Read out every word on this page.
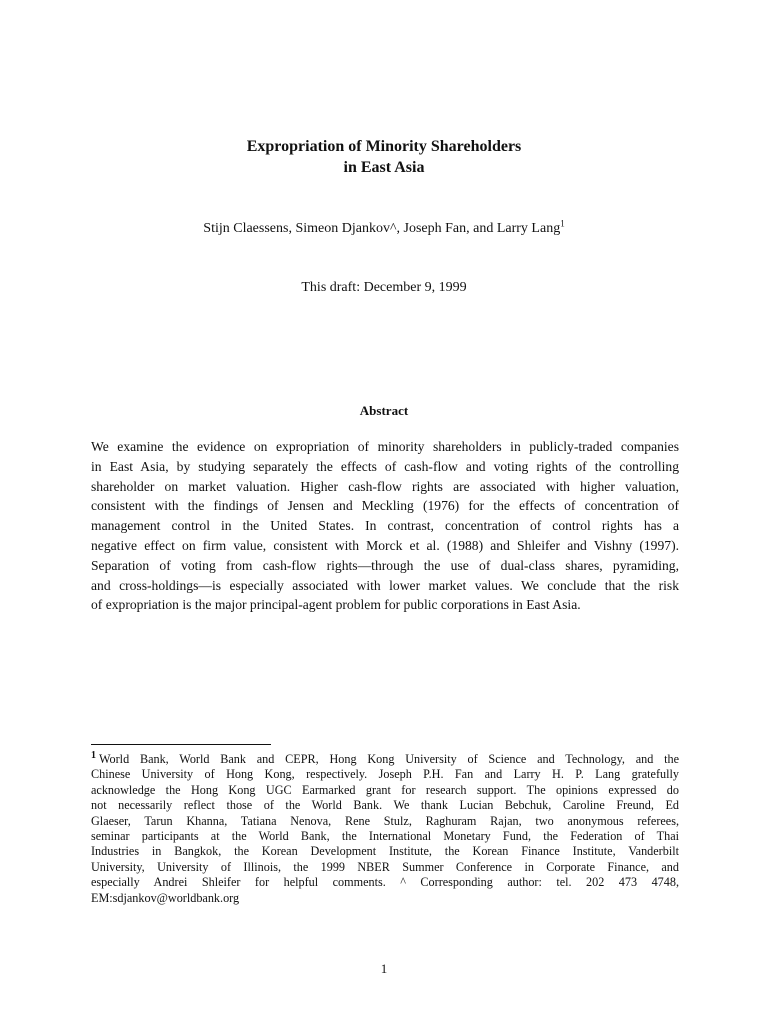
Expropriation of Minority Shareholders
in East Asia
Stijn Claessens, Simeon Djankov^, Joseph Fan, and Larry Lang$^1$
This draft: December 9, 1999
Abstract
We examine the evidence on expropriation of minority shareholders in publicly-traded companies
in East Asia, by studying separately the effects of cash-flow and voting rights of the controlling
shareholder on market valuation. Higher cash-flow rights are associated with higher valuation,
consistent with the findings of Jensen and Meckling (1976) for the effects of concentration of
management control in the United States. In contrast, concentration of control rights has a
negative effect on firm value, consistent with Morck et al. (1988) and Shleifer and Vishny (1997).
Separation of voting from cash-flow rights—through the use of dual-class shares, pyramiding,
and cross-holdings—is especially associated with lower market values. We conclude that the risk
of expropriation is the major principal-agent problem for public corporations in East Asia.
$^1$ World Bank, World Bank and CEPR, Hong Kong University of Science and Technology, and the
Chinese University of Hong Kong, respectively. Joseph P.H. Fan and Larry H. P. Lang gratefully
acknowledge the Hong Kong UGC Earmarked grant for research support. The opinions expressed do
not necessarily reflect those of the World Bank. We thank Lucian Bebchuk, Caroline Freund, Ed
Glaeser, Tarun Khanna, Tatiana Nenova, Rene Stulz, Raghuram Rajan, two anonymous referees,
seminar participants at the World Bank, the International Monetary Fund, the Federation of Thai
Industries in Bangkok, the Korean Development Institute, the Korean Finance Institute, Vanderbilt
University, University of Illinois, the 1999 NBER Summer Conference in Corporate Finance, and
especially Andrei Shleifer for helpful comments. ^ Corresponding author: tel. 202 473 4748,
EM:sdjankov@worldbank.org
1
